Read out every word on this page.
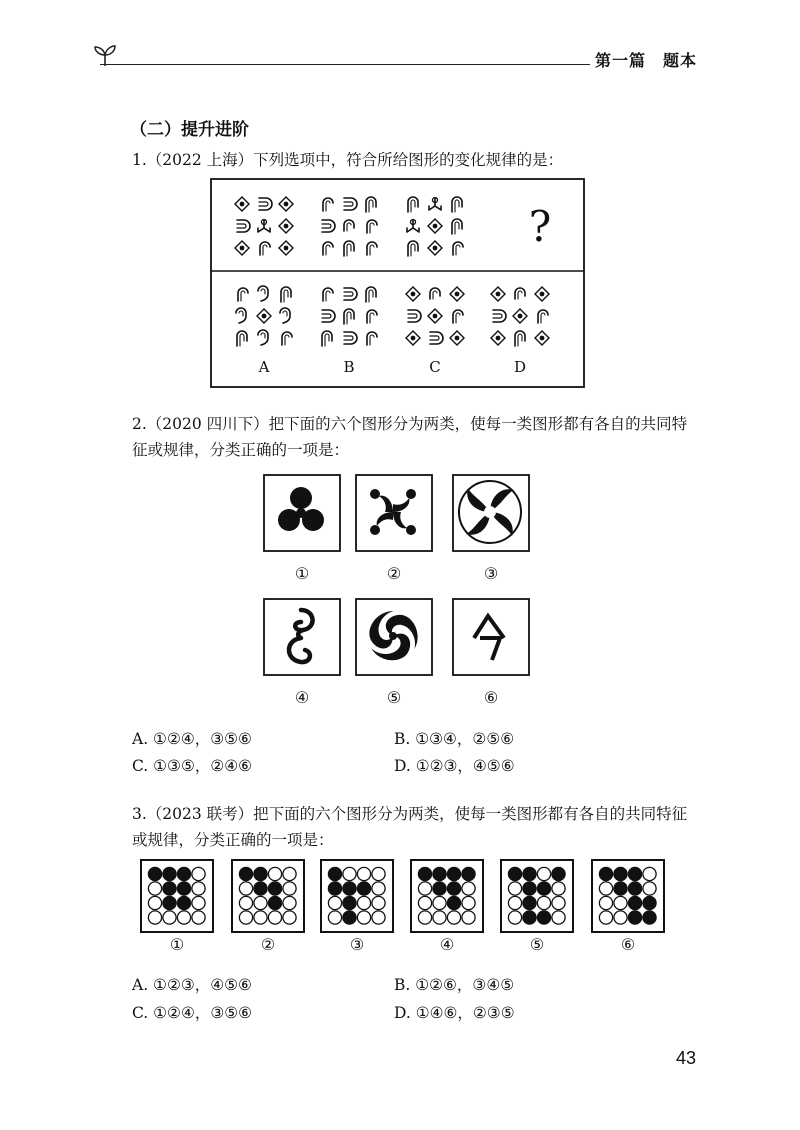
第一篇　题本
（二）提升进阶
1.（2022 上海）下列选项中，符合所给图形的变化规律的是：
?
A	B	C	D
2.（2020 四川下）把下面的六个图形分为两类，使每一类图形都有各自的共同特征或规律，分类正确的一项是：
①	②	③
④	⑤	⑥
A. ①②④，③⑤⑥	B. ①③④，②⑤⑥
C. ①③⑤，②④⑥	D. ①②③，④⑤⑥
3.（2023 联考）把下面的六个图形分为两类，使每一类图形都有各自的共同特征或规律，分类正确的一项是：
①	②	③	④	⑤	⑥
A. ①②③，④⑤⑥	B. ①②⑥，③④⑤
C. ①②④，③⑤⑥	D. ①④⑥，②③⑤
43
